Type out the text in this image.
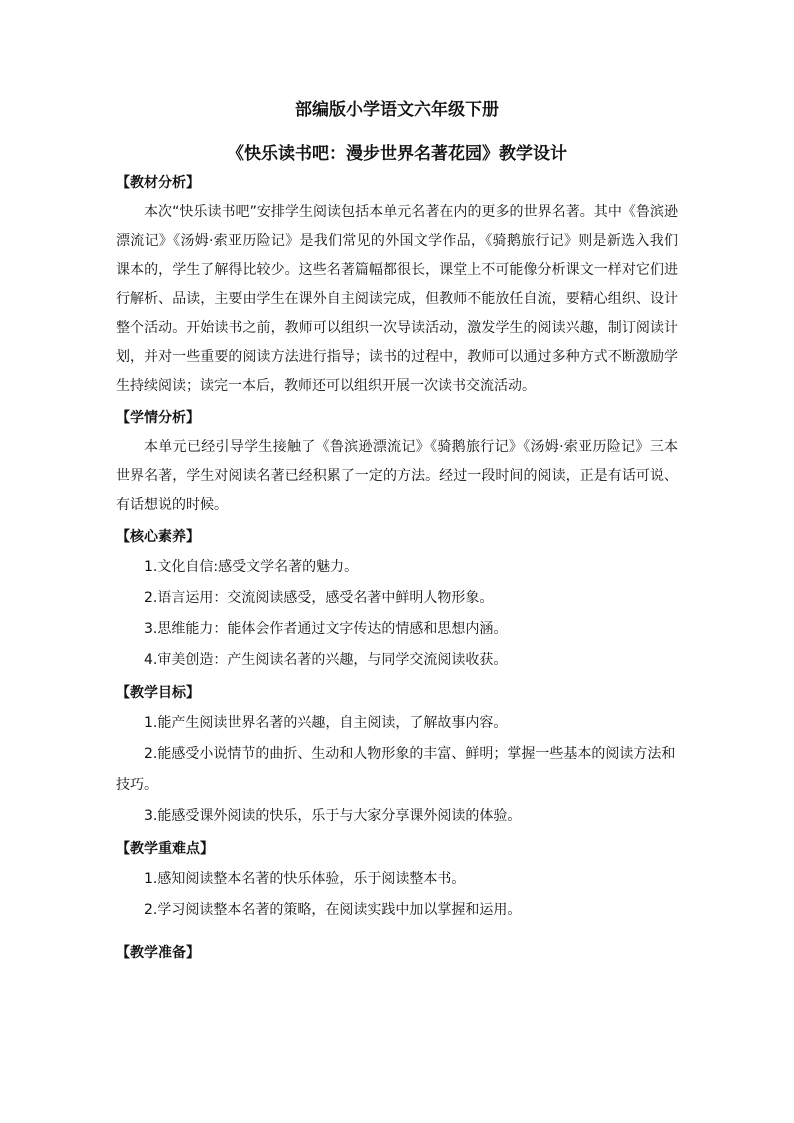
部编版小学语文六年级下册
《快乐读书吧：漫步世界名著花园》教学设计
【教材分析】

本次“快乐读书吧”安排学生阅读包括本单元名著在内的更多的世界名著。其中《鲁滨逊漂流记》《汤姆·索亚历险记》是我们常见的外国文学作品，《骑鹅旅行记》则是新选入我们课本的，学生了解得比较少。这些名著篇幅都很长，课堂上不可能像分析课文一样对它们进行解析、品读，主要由学生在课外自主阅读完成，但教师不能放任自流，要精心组织、设计整个活动。开始读书之前，教师可以组织一次导读活动，激发学生的阅读兴趣，制订阅读计划，并对一些重要的阅读方法进行指导；读书的过程中，教师可以通过多种方式不断激励学生持续阅读；读完一本后，教师还可以组织开展一次读书交流活动。

【学情分析】

本单元已经引导学生接触了《鲁滨逊漂流记》《骑鹅旅行记》《汤姆·索亚历险记》三本世界名著，学生对阅读名著已经积累了一定的方法。经过一段时间的阅读，正是有话可说、有话想说的时候。

【核心素养】

1.文化自信:感受文学名著的魅力。

2.语言运用：交流阅读感受，感受名著中鲜明人物形象。

3.思维能力：能体会作者通过文字传达的情感和思想内涵。

4.审美创造：产生阅读名著的兴趣，与同学交流阅读收获。

【教学目标】

1.能产生阅读世界名著的兴趣，自主阅读，了解故事内容。

2.能感受小说情节的曲折、生动和人物形象的丰富、鲜明；掌握一些基本的阅读方法和技巧。

3.能感受课外阅读的快乐，乐于与大家分享课外阅读的体验。

【教学重难点】

1.感知阅读整本名著的快乐体验，乐于阅读整本书。

2.学习阅读整本名著的策略，在阅读实践中加以掌握和运用。

【教学准备】
